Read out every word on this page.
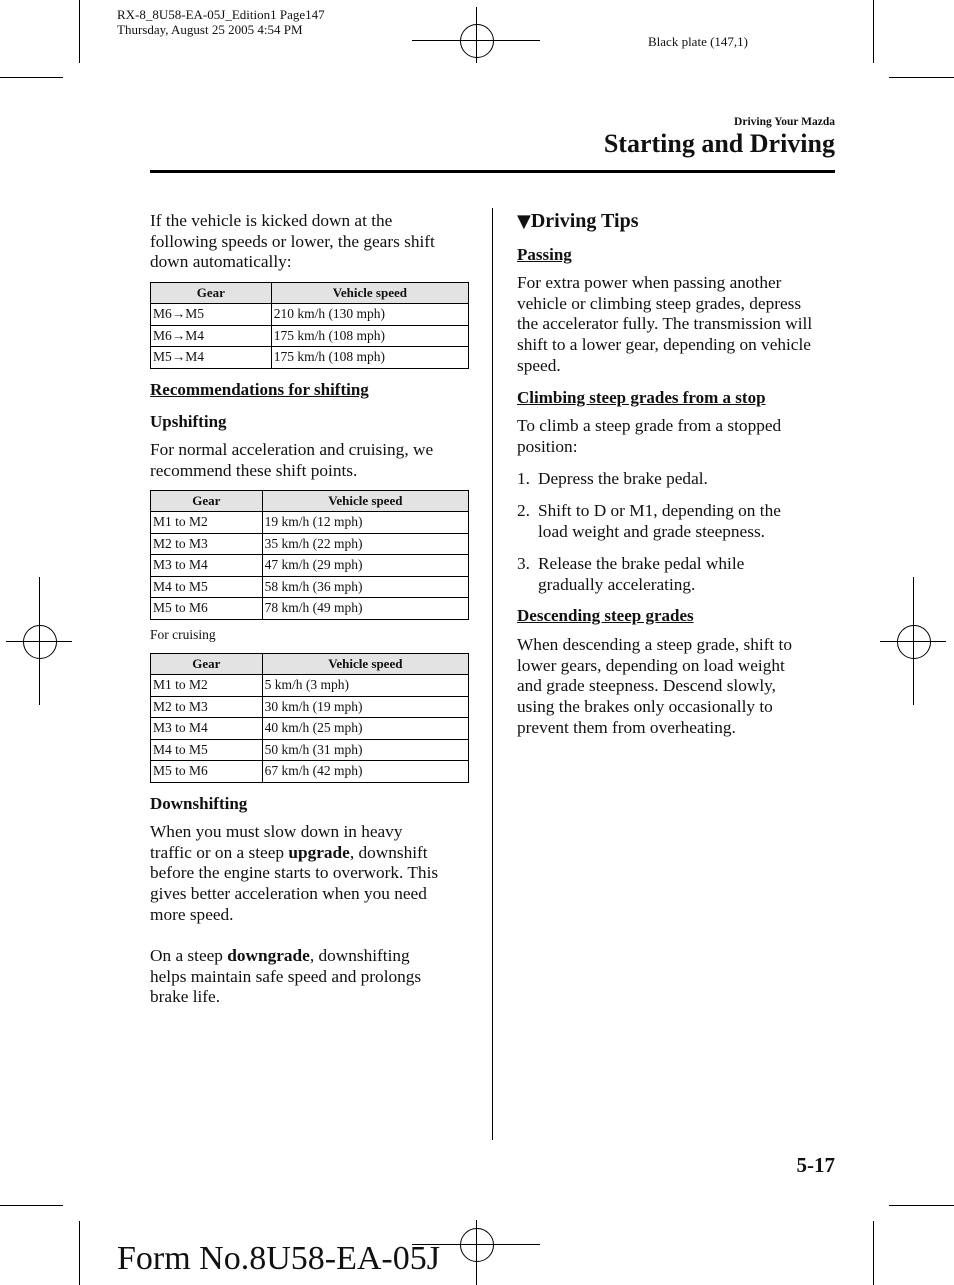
RX-8_8U58-EA-05J_Edition1 Page147
Thursday, August 25 2005 4:54 PM
Black plate (147,1)
Driving Your Mazda
Starting and Driving
If the vehicle is kicked down at the
following speeds or lower, the gears shift
down automatically:
Gear	Vehicle speed
M6→M5	210 km/h (130 mph)
M6→M4	175 km/h (108 mph)
M5→M4	175 km/h (108 mph)
Recommendations for shifting
Upshifting
For normal acceleration and cruising, we
recommend these shift points.
Gear	Vehicle speed
M1 to M2	19 km/h (12 mph)
M2 to M3	35 km/h (22 mph)
M3 to M4	47 km/h (29 mph)
M4 to M5	58 km/h (36 mph)
M5 to M6	78 km/h (49 mph)
For cruising
Gear	Vehicle speed
M1 to M2	5 km/h (3 mph)
M2 to M3	30 km/h (19 mph)
M3 to M4	40 km/h (25 mph)
M4 to M5	50 km/h (31 mph)
M5 to M6	67 km/h (42 mph)
Downshifting
When you must slow down in heavy
traffic or on a steep upgrade, downshift
before the engine starts to overwork. This
gives better acceleration when you need
more speed.
On a steep downgrade, downshifting
helps maintain safe speed and prolongs
brake life.
▼Driving Tips
Passing
For extra power when passing another
vehicle or climbing steep grades, depress
the accelerator fully. The transmission will
shift to a lower gear, depending on vehicle
speed.
Climbing steep grades from a stop
To climb a steep grade from a stopped
position:
1. Depress the brake pedal.
2. Shift to D or M1, depending on the
load weight and grade steepness.
3. Release the brake pedal while
gradually accelerating.
Descending steep grades
When descending a steep grade, shift to
lower gears, depending on load weight
and grade steepness. Descend slowly,
using the brakes only occasionally to
prevent them from overheating.
5-17
Form No.8U58-EA-05J
